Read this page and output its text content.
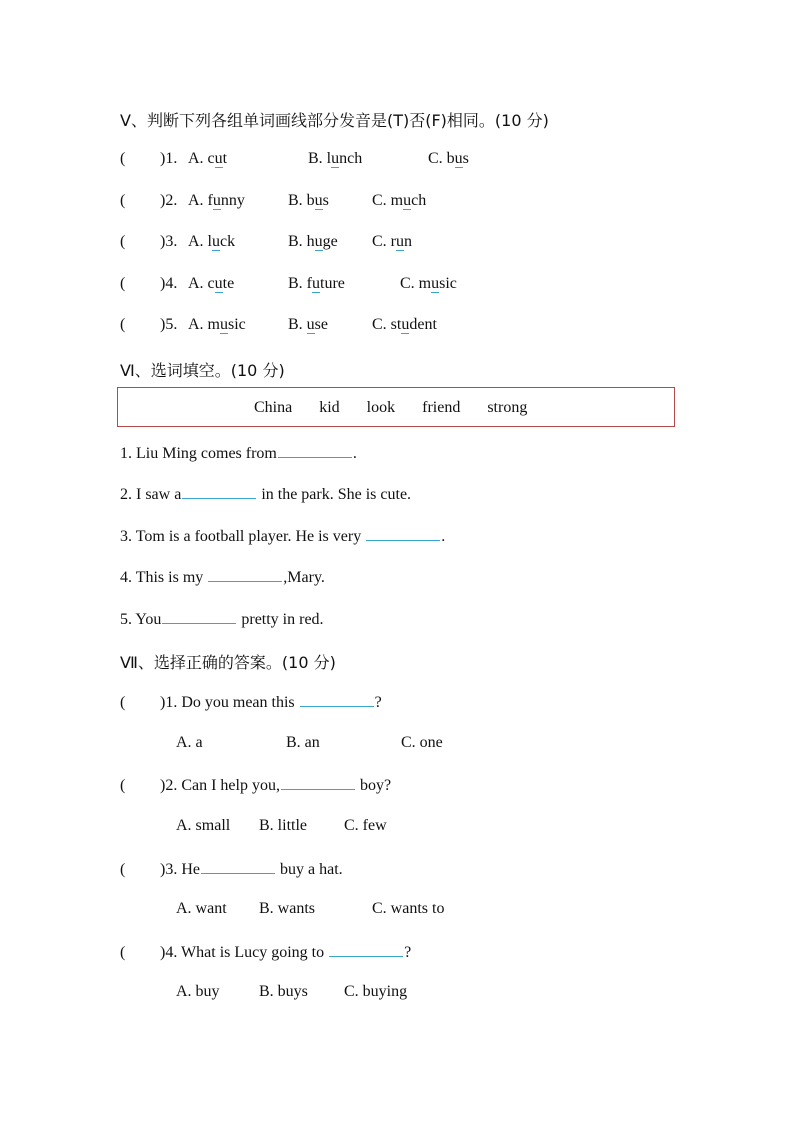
Ⅴ、判断下列各组单词画线部分发音是(T)否(F)相同。(10 分)
( )1. A. cut	B. lunch	C. bus
( )2. A. funny	B. bus	C. much
( )3. A. luck	B. huge C. run
( )4. A. cute	B. future	C. music
( )5. A. music	B. use	C. student
Ⅵ、选词填空。(10 分)
China kid look friend strong
1. Liu Ming comes from	.
2. I saw a	in the park. She is cute.
3. Tom is a football player. He is very	.
4. This is my	,Mary.
5. You	pretty in red.
Ⅶ、选择正确的答案。(10 分)
( )1. Do you mean this	?
A. a	B. an	C. one
( )2. Can I help you,	boy?
A. small B. little C. few
( )3. He	buy a hat.
A. want B. wants	C. wants to
( )4. What is Lucy going to	?
A. buy B. buys C. buying
